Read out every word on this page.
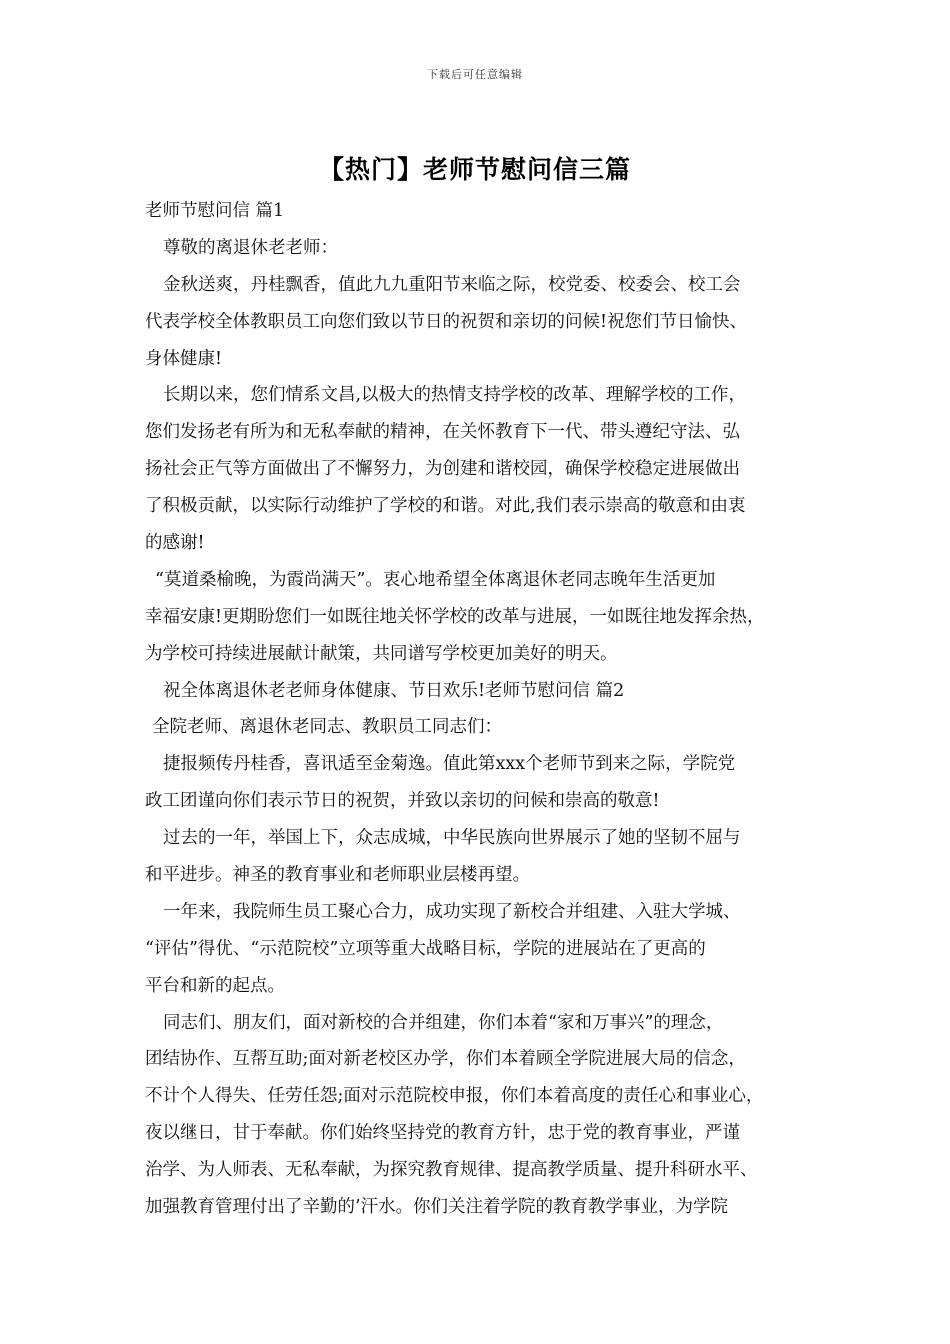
下载后可任意编辑
【热门】老师节慰问信三篇
老师节慰问信 篇1
尊敬的离退休老老师：
金秋送爽，丹桂飘香，值此九九重阳节来临之际，校党委、校委会、校工会
代表学校全体教职员工向您们致以节日的祝贺和亲切的问候!祝您们节日愉快、
身体健康!
长期以来，您们情系文昌,以极大的热情支持学校的改革、理解学校的工作，
您们发扬老有所为和无私奉献的精神，在关怀教育下一代、带头遵纪守法、弘
扬社会正气等方面做出了不懈努力，为创建和谐校园，确保学校稳定进展做出
了积极贡献，以实际行动维护了学校的和谐。对此,我们表示崇高的敬意和由衷
的感谢!
“莫道桑榆晚，为霞尚满天”。衷心地希望全体离退休老同志晚年生活更加
幸福安康!更期盼您们一如既往地关怀学校的改革与进展，一如既往地发挥余热，
为学校可持续进展献计献策，共同谱写学校更加美好的明天。
祝全体离退休老老师身体健康、节日欢乐!老师节慰问信 篇2
全院老师、离退休老同志、教职员工同志们：
捷报频传丹桂香，喜讯适至金菊逸。值此第xxx个老师节到来之际，学院党
政工团谨向你们表示节日的祝贺，并致以亲切的问候和崇高的敬意!
过去的一年，举国上下，众志成城，中华民族向世界展示了她的坚韧不屈与
和平进步。神圣的教育事业和老师职业层楼再望。
一年来，我院师生员工聚心合力，成功实现了新校合并组建、入驻大学城、
“评估”得优、“示范院校”立项等重大战略目标，学院的进展站在了更高的
平台和新的起点。
同志们、朋友们，面对新校的合并组建，你们本着“家和万事兴”的理念，
团结协作、互帮互助;面对新老校区办学，你们本着顾全学院进展大局的信念，
不计个人得失、任劳任怨;面对示范院校申报，你们本着高度的责任心和事业心，
夜以继日，甘于奉献。你们始终坚持党的教育方针，忠于党的教育事业，严谨
治学、为人师表、无私奉献，为探究教育规律、提高教学质量、提升科研水平、
加强教育管理付出了辛勤的’汗水。你们关注着学院的教育教学事业，为学院
